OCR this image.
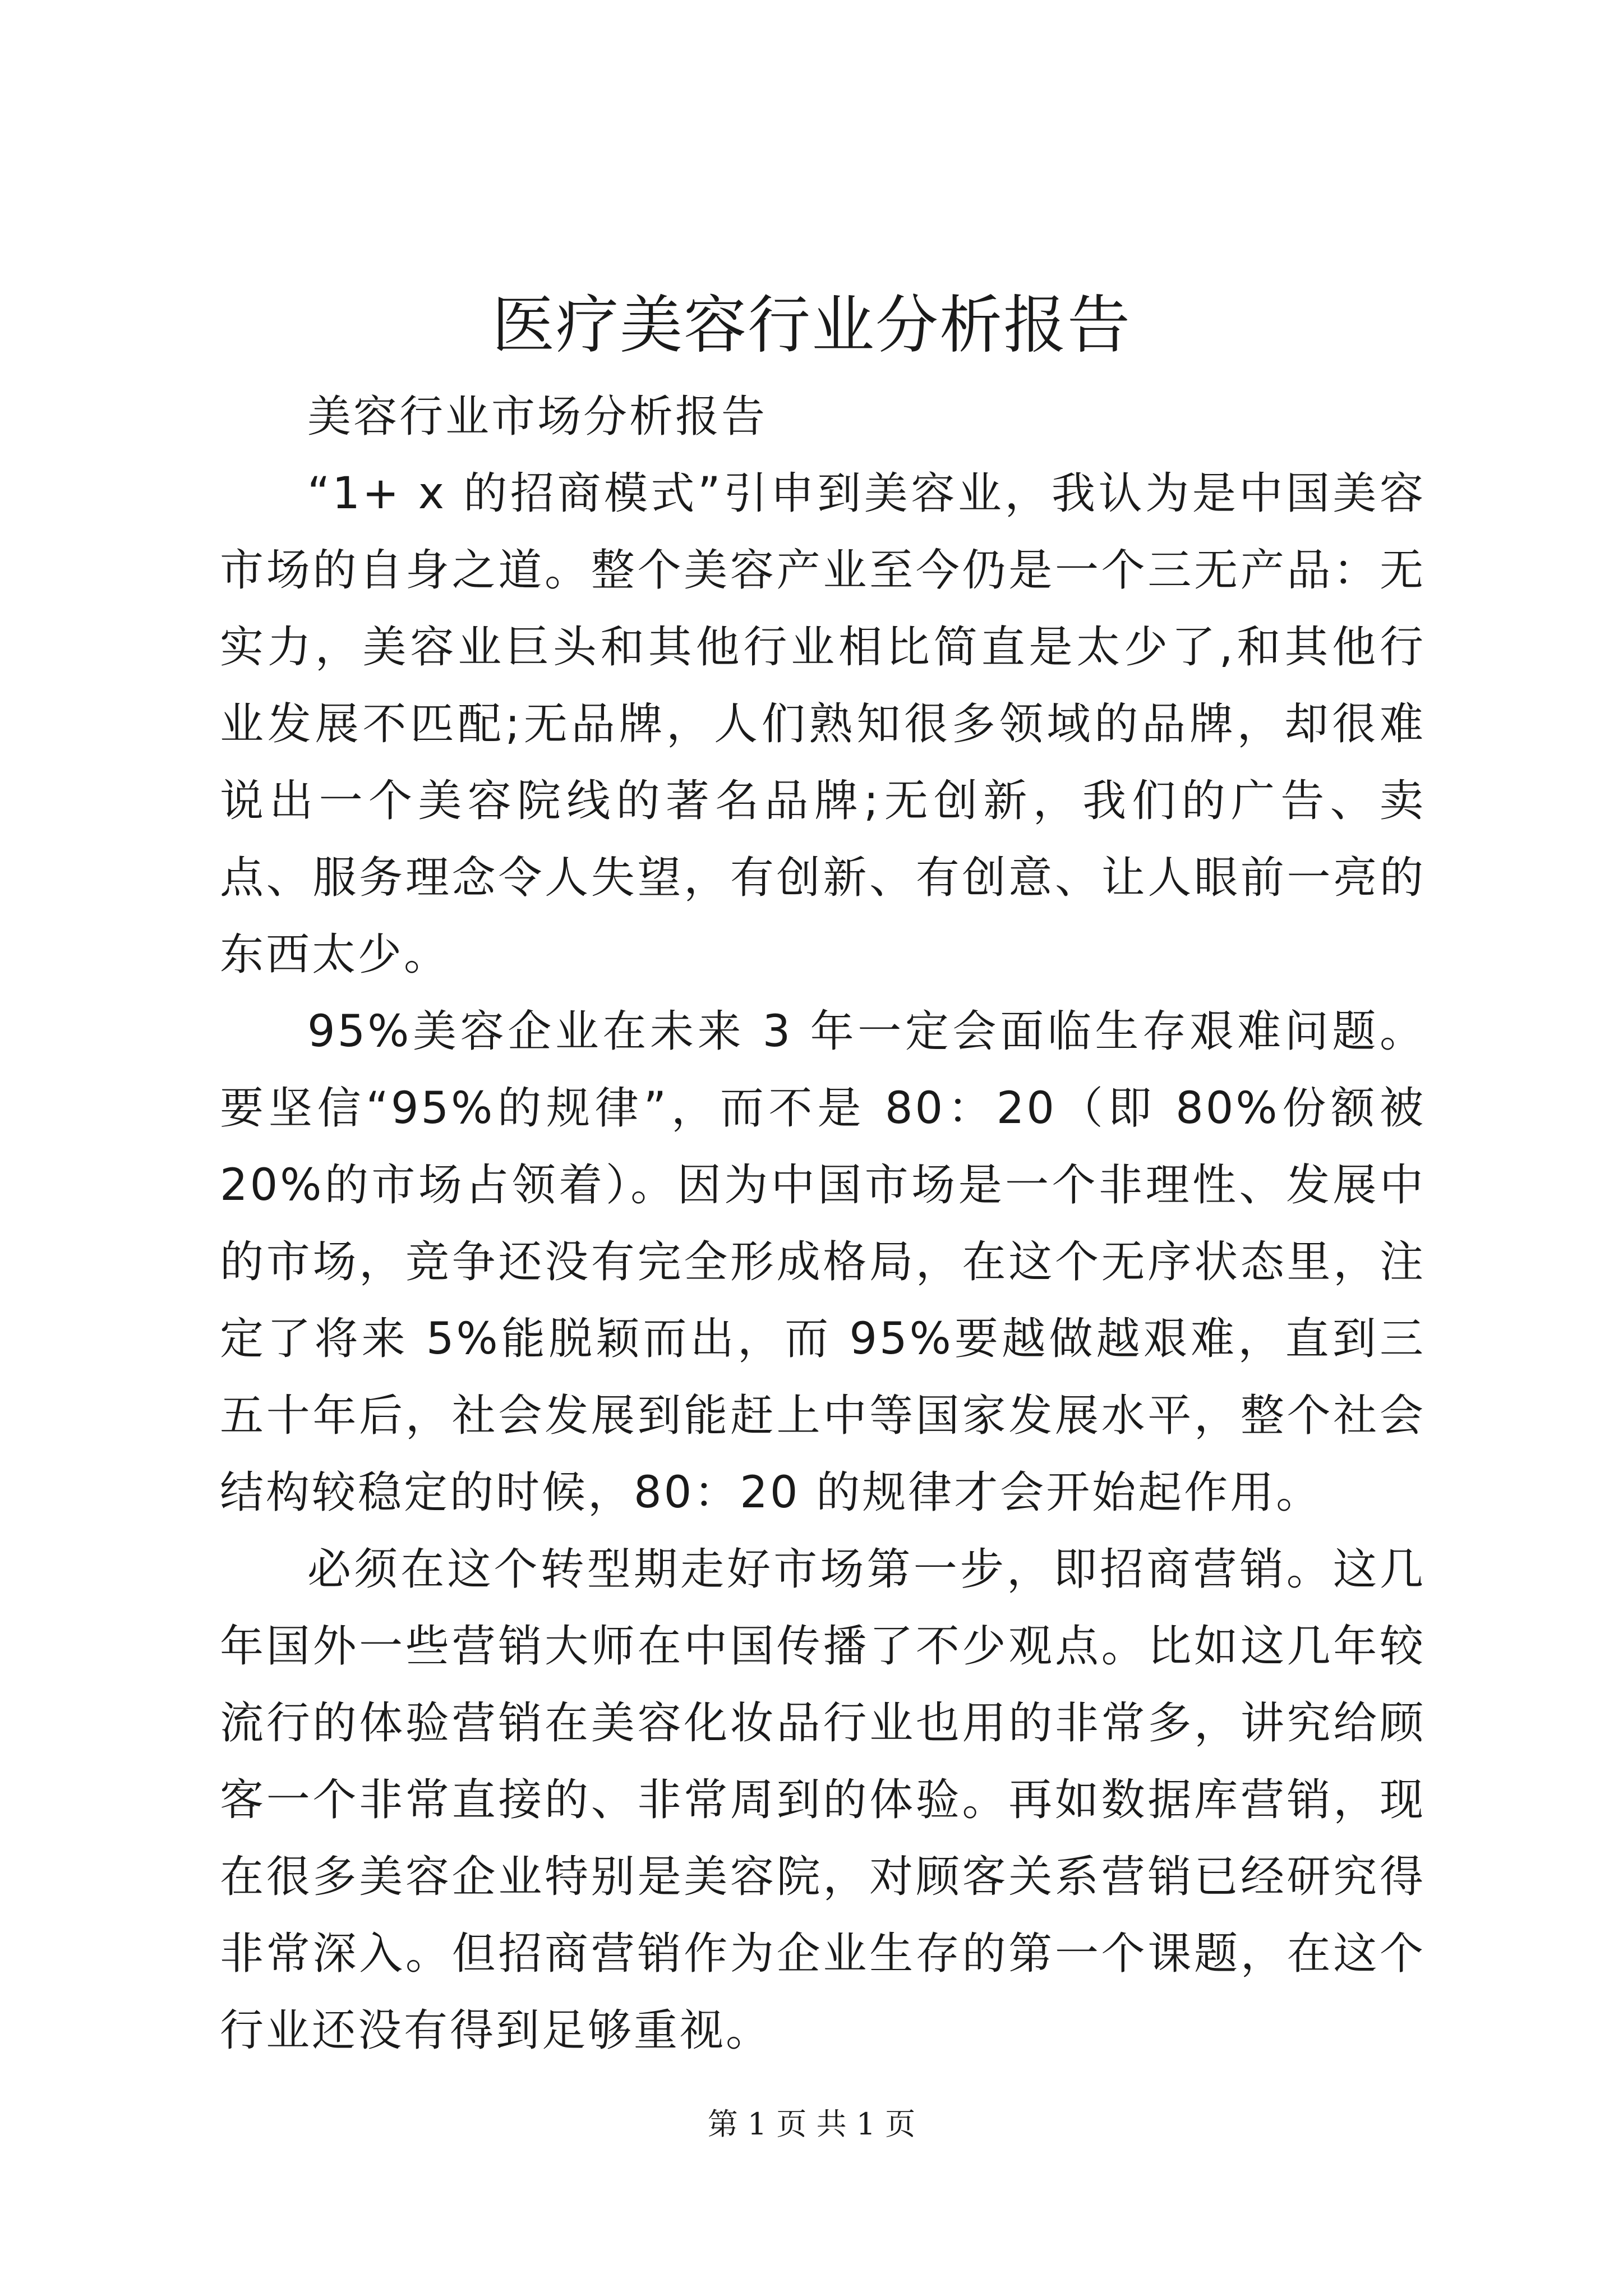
医疗美容行业分析报告

美容行业市场分析报告

“1+ x 的招商模式”引申到美容业，我认为是中国美容市场的自身之道。整个美容产业至今仍是一个三无产品：无实力，美容业巨头和其他行业相比简直是太少了,和其他行业发展不匹配;无品牌，人们熟知很多领域的品牌，却很难说出一个美容院线的著名品牌;无创新，我们的广告、卖点、服务理念令人失望，有创新、有创意、让人眼前一亮的东西太少。

95%美容企业在未来 3 年一定会面临生存艰难问题。要坚信“95%的规律”，而不是 80：20（即 80%份额被 20%的市场占领着）。因为中国市场是一个非理性、发展中的市场，竞争还没有完全形成格局，在这个无序状态里，注定了将来 5%能脱颖而出，而 95%要越做越艰难，直到三五十年后，社会发展到能赶上中等国家发展水平，整个社会结构较稳定的时候，80：20 的规律才会开始起作用。

必须在这个转型期走好市场第一步，即招商营销。这几年国外一些营销大师在中国传播了不少观点。比如这几年较流行的体验营销在美容化妆品行业也用的非常多，讲究给顾客一个非常直接的、非常周到的体验。再如数据库营销，现在很多美容企业特别是美容院，对顾客关系营销已经研究得非常深入。但招商营销作为企业生存的第一个课题，在这个行业还没有得到足够重视。

第 1 页 共 1 页
